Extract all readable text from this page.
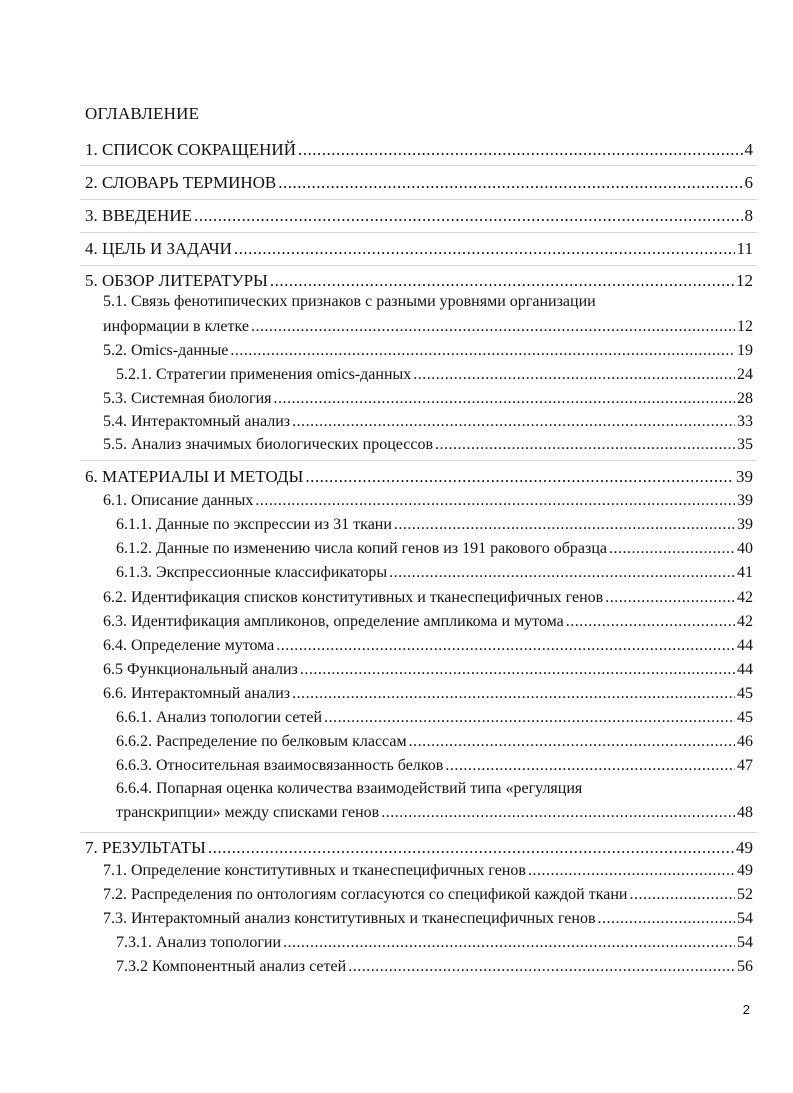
ОГЛАВЛЕНИЕ
1. СПИСОК СОКРАЩЕНИЙ .....	4
2. СЛОВАРЬ ТЕРМИНОВ .....	6
3. ВВЕДЕНИЕ .....	8
4. ЦЕЛЬ И ЗАДАЧИ .....	11
5. ОБЗОР ЛИТЕРАТУРЫ .....	12
5.1. Связь фенотипических признаков с разными уровнями организации
информации в клетке .....	12
5.2. Omics-данные .....	19
5.2.1. Стратегии применения omics-данных .....	24
5.3. Системная биология .....	28
5.4. Интерактомный анализ .....	33
5.5. Анализ значимых биологических процессов .....	35
6. МАТЕРИАЛЫ И МЕТОДЫ .....	39
6.1. Описание данных .....	39
6.1.1. Данные по экспрессии из 31 ткани .....	39
6.1.2. Данные по изменению числа копий генов из 191 ракового образца .....	40
6.1.3. Экспрессионные классификаторы .....	41
6.2. Идентификация списков конститутивных и тканеспецифичных генов .....	42
6.3. Идентификация ампликонов, определение ампликома и мутома .....	42
6.4. Определение мутома .....	44
6.5 Функциональный анализ .....	44
6.6. Интерактомный анализ .....	45
6.6.1. Анализ топологии сетей .....	45
6.6.2. Распределение по белковым классам .....	46
6.6.3. Относительная взаимосвязанность белков .....	47
6.6.4. Попарная оценка количества взаимодействий типа «регуляция
транскрипции» между списками генов .....	48
7. РЕЗУЛЬТАТЫ .....	49
7.1. Определение конститутивных и тканеспецифичных генов .....	49
7.2. Распределения по онтологиям согласуются со спецификой каждой ткани .....	52
7.3. Интерактомный анализ конститутивных и тканеспецифичных генов .....	54
7.3.1. Анализ топологии .....	54
7.3.2 Компонентный анализ сетей .....	56
2
